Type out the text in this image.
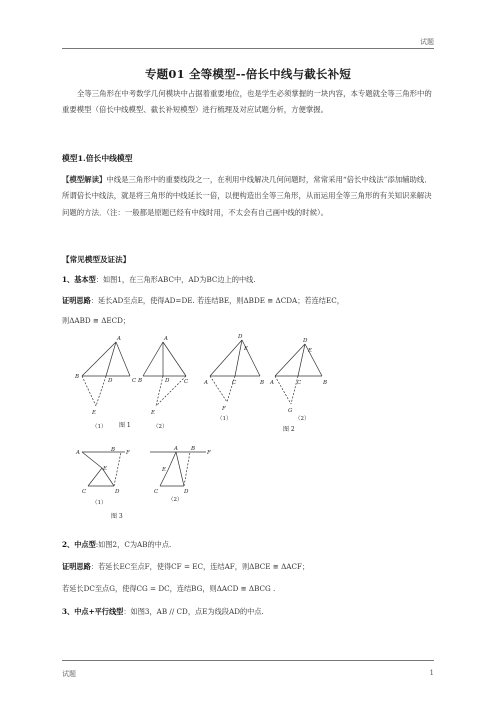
试题
专题01 全等模型--倍长中线与截长补短
全等三角形在中考数学几何模块中占据着重要地位，也是学生必须掌握的一块内容，本专题就全等三角形中的重要模型（倍长中线模型、截长补短模型）进行梳理及对应试题分析，方便掌握。
模型1.倍长中线模型
【模型解读】中线是三角形中的重要线段之一，在利用中线解决几何问题时，常常采用“倍长中线法”添加辅助线．所谓倍长中线法，就是将三角形的中线延长一倍，以便构造出全等三角形，从而运用全等三角形的有关知识来解决问题的方法．（注：一般都是原题已经有中线时用，不太会有自己画中线的时候）。
【常见模型及证法】
1、基本型：如图1，在三角形ABC中，AD为BC边上的中线.
证明思路：延长AD至点E，使得AD=DE. 若连结BE，则ΔBDE ≅ ΔCDA；若连结EC，
则ΔABD ≅ ΔECD；
A
B
C
D
E
A
B	D	C
E
（1）	（2）
图 1
D
E
A	C	B
F
D
E
A	C	B
G
（1）	（2）
图 2
A	F
B
E
C	D
A B
F
E
C	D
（1）	（2）
图 3
2、中点型:如图2，C为AB的中点.
证明思路：若延长EC至点F，使得CF = EC，连结AF，则ΔBCE ≅ ΔACF；
若延长DC至点G，使得CG = DC，连结BG，则ΔACD ≅ ΔBCG .
3、中点+平行线型：如图3，AB // CD，点E为线段AD的中点.
试题	1
